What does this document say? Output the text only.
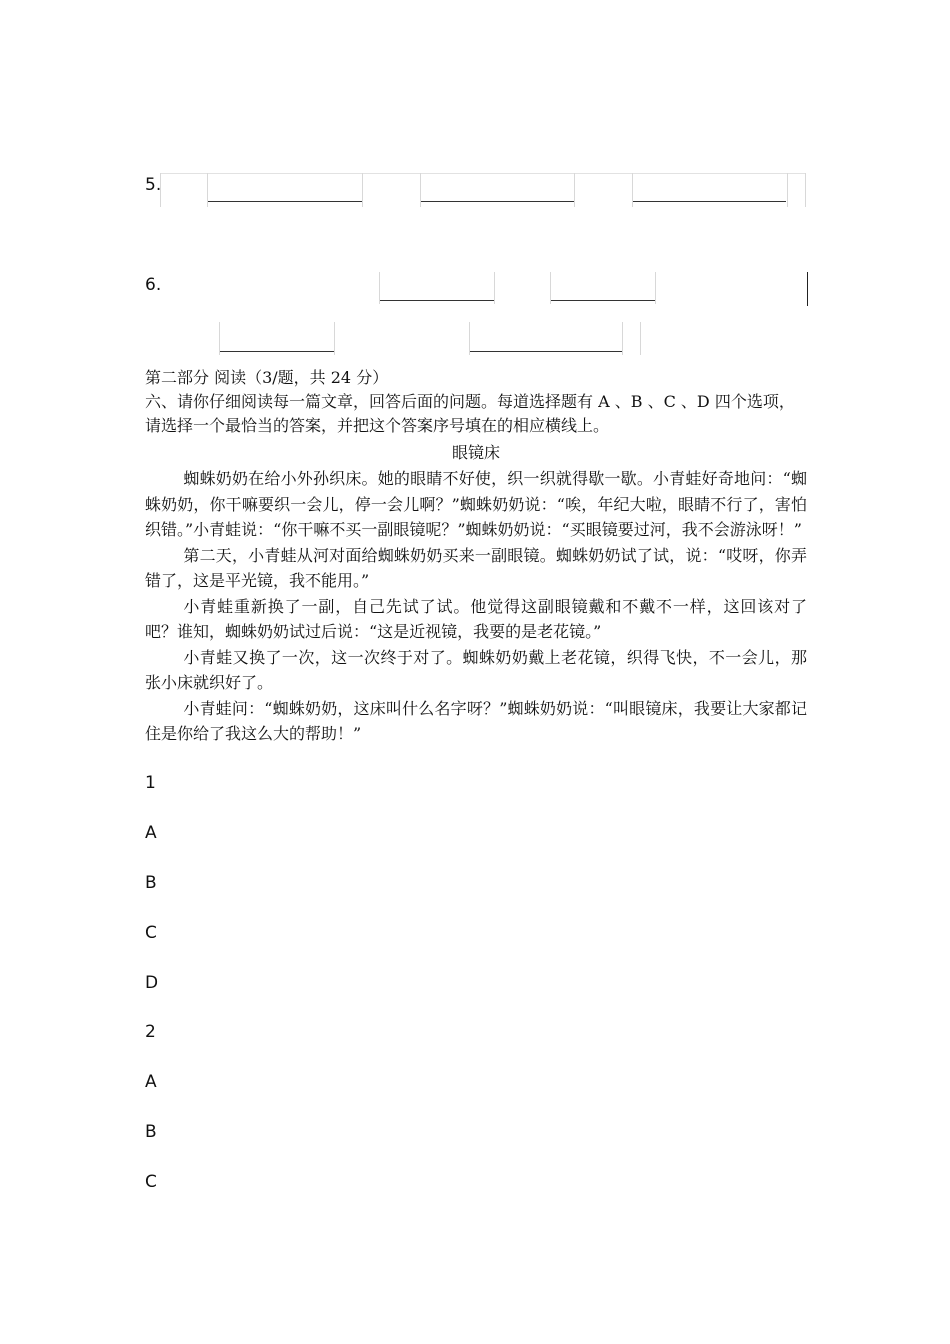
5.
6.

第二部分 阅读（3/题，共 24 分）

六、请你仔细阅读每一篇文章，回答后面的问题。每道选择题有 A 、B 、C 、D 四个选项，请选择一个最恰当的答案，并把这个答案序号填在的相应横线上。

眼镜床

蜘蛛奶奶在给小外孙织床。她的眼睛不好使，织一织就得歇一歇。小青蛙好奇地问：“蜘蛛奶奶，你干嘛要织一会儿，停一会儿啊？”蜘蛛奶奶说：“唉，年纪大啦，眼睛不行了，害怕织错。”小青蛙说：“你干嘛不买一副眼镜呢？”蜘蛛奶奶说：“买眼镜要过河，我不会游泳呀！”

第二天，小青蛙从河对面给蜘蛛奶奶买来一副眼镜。蜘蛛奶奶试了试，说：“哎呀，你弄错了，这是平光镜，我不能用。”

小青蛙重新换了一副，自己先试了试。他觉得这副眼镜戴和不戴不一样，这回该对了吧？谁知，蜘蛛奶奶试过后说：“这是近视镜，我要的是老花镜。”

小青蛙又换了一次，这一次终于对了。蜘蛛奶奶戴上老花镜，织得飞快，不一会儿，那张小床就织好了。

小青蛙问：“蜘蛛奶奶，这床叫什么名字呀？”蜘蛛奶奶说：“叫眼镜床，我要让大家都记住是你给了我这么大的帮助！”

1
A
B
C
D
2
A
B
C
